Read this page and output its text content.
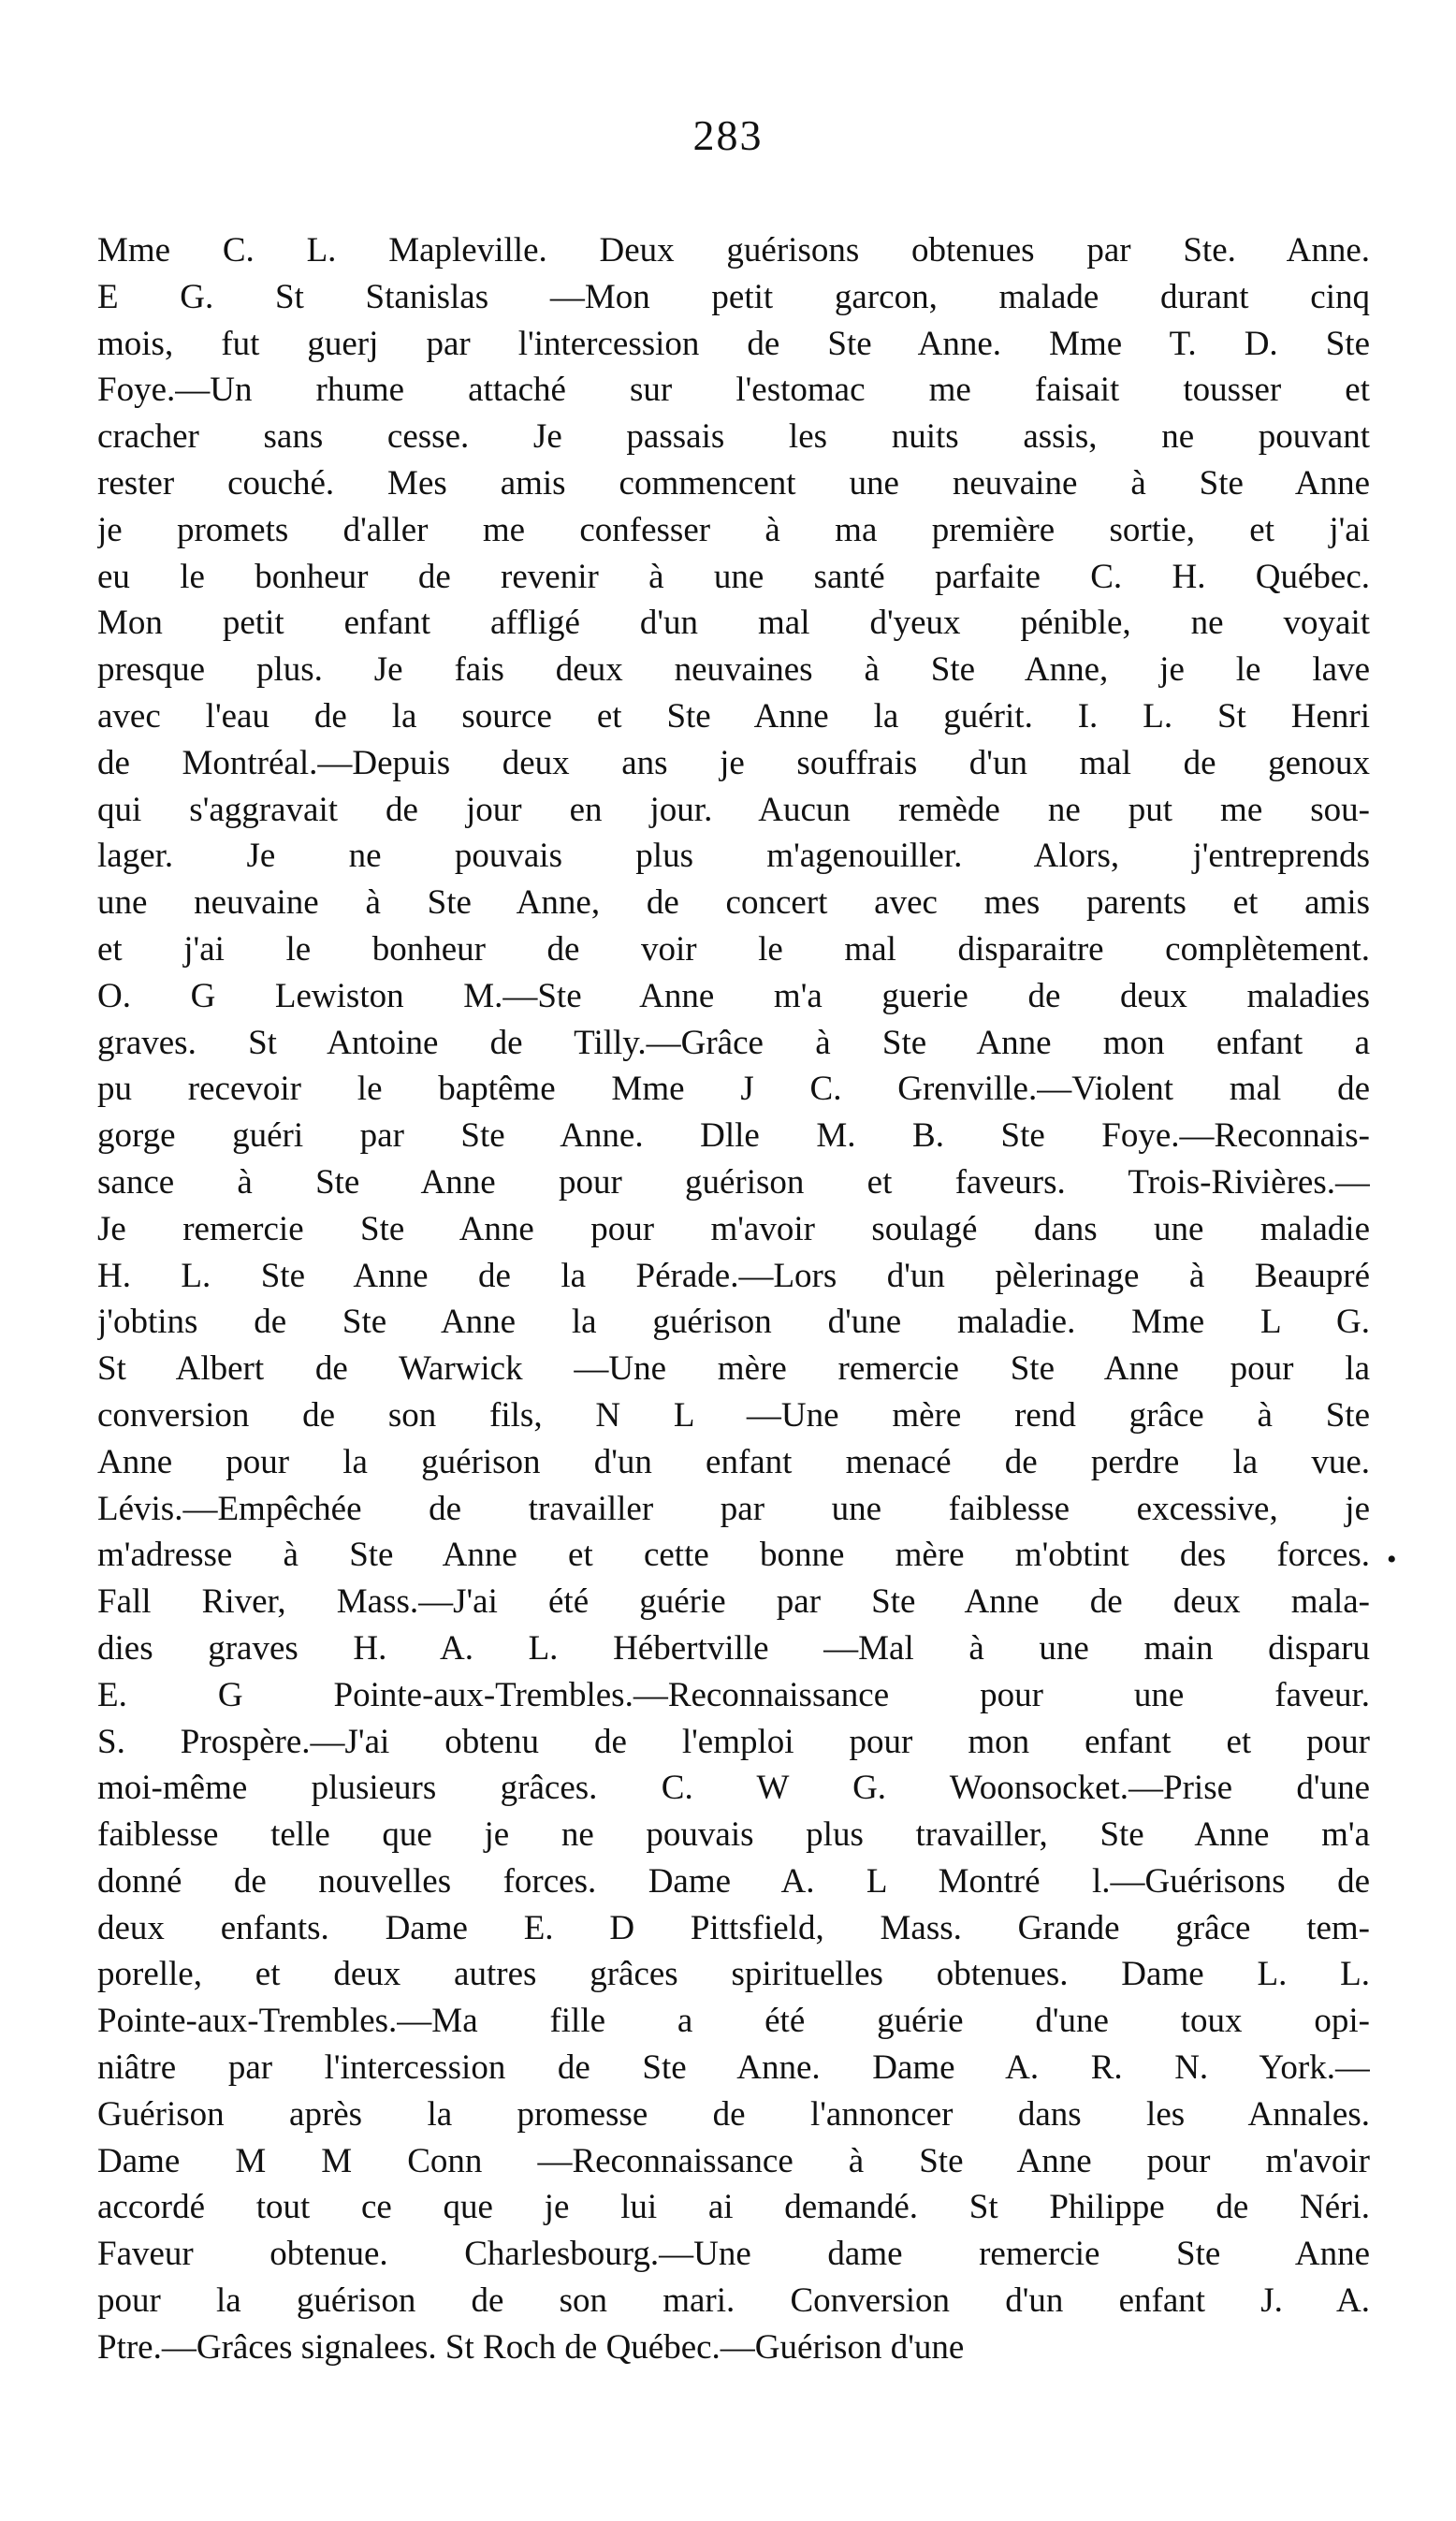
283
Mme C. L. Mapleville. Deux guérisons obtenues par Ste. Anne.
E G. St Stanislas —Mon petit garcon, malade durant cinq
mois, fut guerj par l'intercession de Ste Anne. Mme T. D. Ste
Foye.—Un rhume attaché sur l'estomac me faisait tousser et
cracher sans cesse. Je passais les nuits assis, ne pouvant
rester couché. Mes amis commencent une neuvaine à Ste Anne
je promets d'aller me confesser à ma première sortie, et j'ai
eu le bonheur de revenir à une santé parfaite C. H. Québec.
Mon petit enfant affligé d'un mal d'yeux pénible, ne voyait
presque plus. Je fais deux neuvaines à Ste Anne, je le lave
avec l'eau de la source et Ste Anne la guérit. I. L. St Henri
de Montréal.—Depuis deux ans je souffrais d'un mal de genoux
qui s'aggravait de jour en jour. Aucun remède ne put me sou-
lager. Je ne pouvais plus m'agenouiller. Alors, j'entreprends
une neuvaine à Ste Anne, de concert avec mes parents et amis
et j'ai le bonheur de voir le mal disparaitre complètement.
O. G Lewiston M.—Ste Anne m'a guerie de deux maladies
graves. St Antoine de Tilly.—Grâce à Ste Anne mon enfant a
pu recevoir le baptême Mme J C. Grenville.—Violent mal de
gorge guéri par Ste Anne. Dlle M. B. Ste Foye.—Reconnais-
sance à Ste Anne pour guérison et faveurs. Trois-Rivières.—
Je remercie Ste Anne pour m'avoir soulagé dans une maladie
H. L. Ste Anne de la Pérade.—Lors d'un pèlerinage à Beaupré
j'obtins de Ste Anne la guérison d'une maladie. Mme L G.
St Albert de Warwick —Une mère remercie Ste Anne pour la
conversion de son fils, N L —Une mère rend grâce à Ste
Anne pour la guérison d'un enfant menacé de perdre la vue.
Lévis.—Empêchée de travailler par une faiblesse excessive, je
m'adresse à Ste Anne et cette bonne mère m'obtint des forces.
Fall River, Mass.—J'ai été guérie par Ste Anne de deux mala-
dies graves H. A. L. Hébertville —Mal à une main disparu
E. G Pointe-aux-Trembles.—Reconnaissance pour une faveur.
S. Prospère.—J'ai obtenu de l'emploi pour mon enfant et pour
moi-même plusieurs grâces. C. W G. Woonsocket.—Prise d'une
faiblesse telle que je ne pouvais plus travailler, Ste Anne m'a
donné de nouvelles forces. Dame A. L Montré l.—Guérisons de
deux enfants. Dame E. D Pittsfield, Mass. Grande grâce tem-
porelle, et deux autres grâces spirituelles obtenues. Dame L. L.
Pointe-aux-Trembles.—Ma fille a été guérie d'une toux opi-
niâtre par l'intercession de Ste Anne. Dame A. R. N. York.—
Guérison après la promesse de l'annoncer dans les Annales.
Dame M M Conn —Reconnaissance à Ste Anne pour m'avoir
accordé tout ce que je lui ai demandé. St Philippe de Néri.
Faveur obtenue. Charlesbourg.—Une dame remercie Ste Anne
pour la guérison de son mari. Conversion d'un enfant J. A.
Ptre.—Grâces signalees. St Roch de Québec.—Guérison d'une
•
